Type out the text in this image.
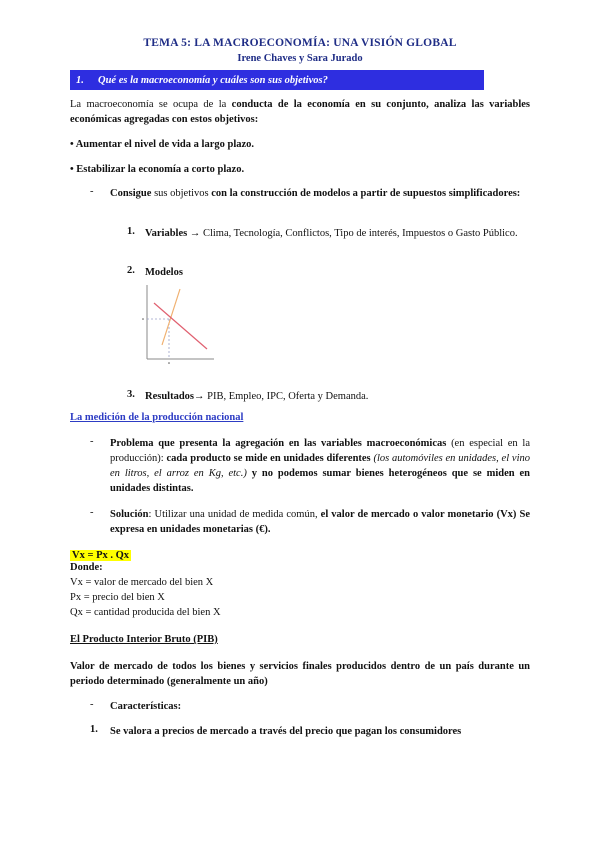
TEMA 5: LA MACROECONOMÍA: UNA VISIÓN GLOBAL
Irene Chaves y Sara Jurado
1.	Qué es la macroeconomía y cuáles son sus objetivos?
La macroeconomía se ocupa de la conducta de la economía en su conjunto, analiza las variables económicas agregadas con estos objetivos:
• Aumentar el nivel de vida a largo plazo.
• Estabilizar la economía a corto plazo.
- Consigue sus objetivos con la construcción de modelos a partir de supuestos simplificadores:
1. Variables → Clima, Tecnología, Conflictos, Tipo de interés, Impuestos o Gasto Público.
2. Modelos
3. Resultados→ PIB, Empleo, IPC, Oferta y Demanda.
La medición de la producción nacional
- Problema que presenta la agregación en las variables macroeconómicas (en especial en la producción): cada producto se mide en unidades diferentes (los automóviles en unidades, el vino en litros, el arroz en Kg, etc.) y no podemos sumar bienes heterogéneos que se miden en unidades distintas.
- Solución: Utilizar una unidad de medida común, el valor de mercado o valor monetario (Vx) Se expresa en unidades monetarias (€).
Vx = Px . Qx
Donde:
Vx = valor de mercado del bien X
Px = precio del bien X
Qx = cantidad producida del bien X
El Producto Interior Bruto (PIB)
Valor de mercado de todos los bienes y servicios finales producidos dentro de un país durante un periodo determinado (generalmente un año)
- Características:
1. Se valora a precios de mercado a través del precio que pagan los consumidores
